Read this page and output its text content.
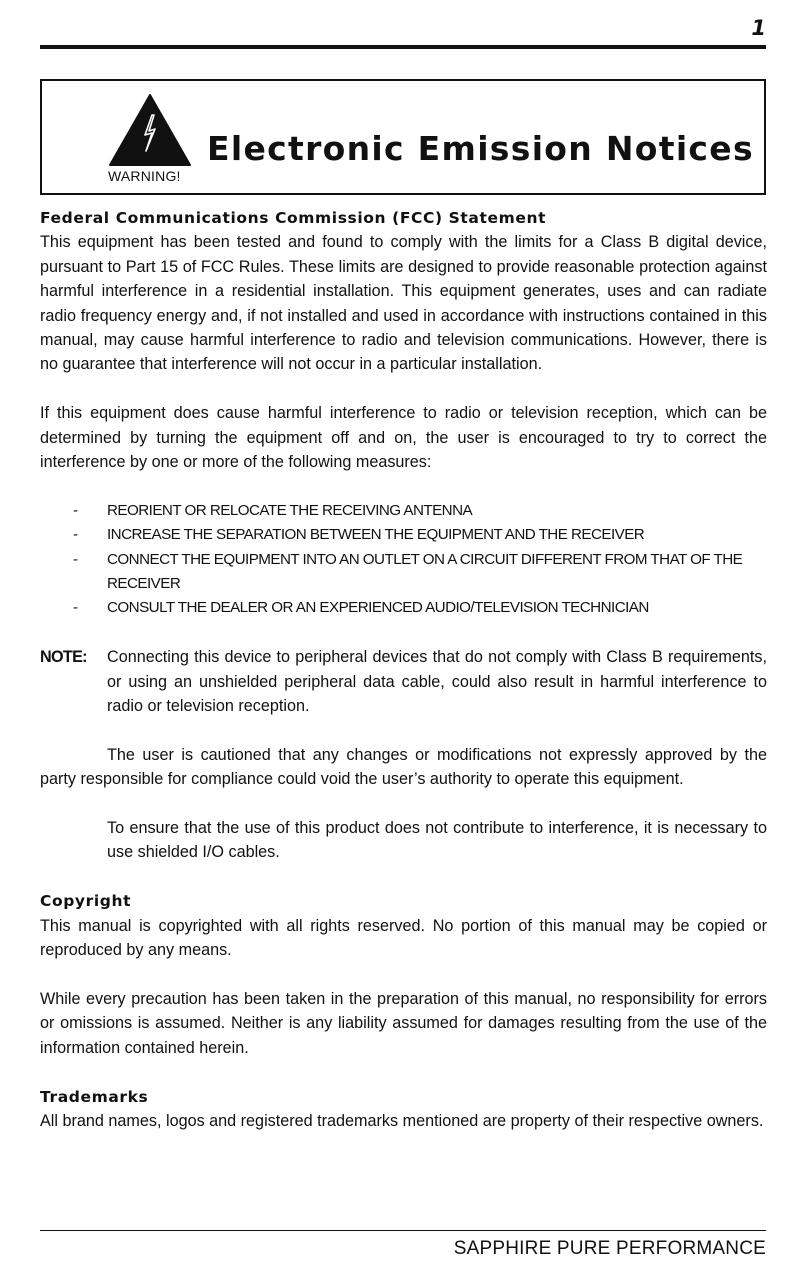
1
WARNING!
Electronic Emission Notices
Federal Communications Commission (FCC) Statement

This equipment has been tested and found to comply with the limits for a Class B digital device, pursuant to Part 15 of FCC Rules. These limits are designed to provide reasonable protection against harmful interference in a residential installation. This equipment generates, uses and can radiate radio frequency energy and, if not installed and used in accordance with instructions contained in this manual, may cause harmful interference to radio and television communications. However, there is no guarantee that interference will not occur in a particular installation.

If this equipment does cause harmful interference to radio or television reception, which can be determined by turning the equipment off and on, the user is encouraged to try to correct the interference by one or more of the following measures:

- REORIENT OR RELOCATE THE RECEIVING ANTENNA
- INCREASE THE SEPARATION BETWEEN THE EQUIPMENT AND THE RECEIVER
- CONNECT THE EQUIPMENT INTO AN OUTLET ON A CIRCUIT DIFFERENT FROM THAT OF THE RECEIVER
- CONSULT THE DEALER OR AN EXPERIENCED AUDIO/TELEVISION TECHNICIAN
NOTE: Connecting this device to peripheral devices that do not comply with Class B requirements, or using an unshielded peripheral data cable, could also result in harmful interference to radio or television reception.

The user is cautioned that any changes or modifications not expressly approved by the party responsible for compliance could void the user’s authority to operate this equipment.

To ensure that the use of this product does not contribute to interference, it is necessary to use shielded I/O cables.

Copyright

This manual is copyrighted with all rights reserved. No portion of this manual may be copied or reproduced by any means.

While every precaution has been taken in the preparation of this manual, no responsibility for errors or omissions is assumed. Neither is any liability assumed for damages resulting from the use of the information contained herein.

Trademarks

All brand names, logos and registered trademarks mentioned are property of their respective owners.

SAPPHIRE PURE PERFORMANCE
